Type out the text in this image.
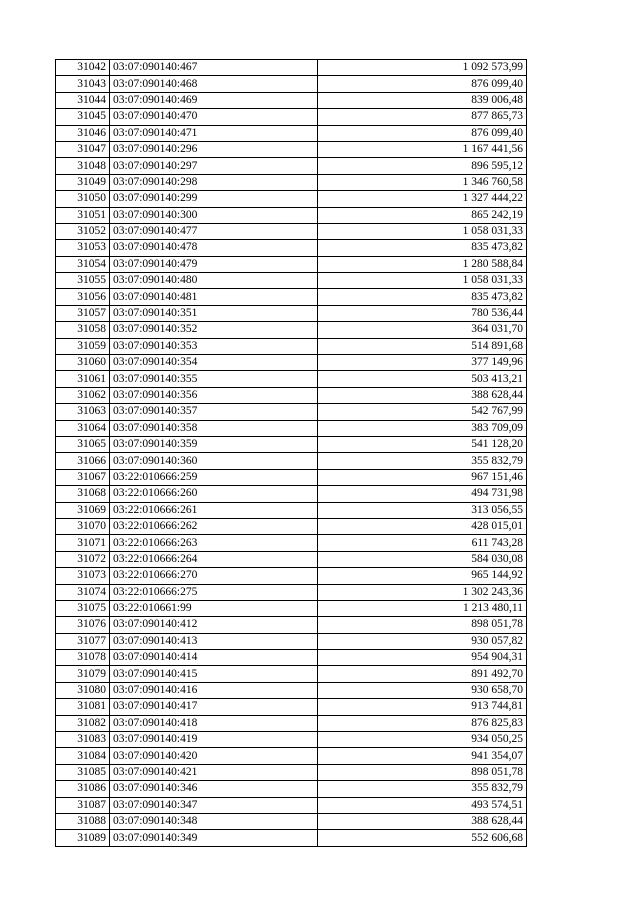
31042	03:07:090140:467	1 092 573,99
31043	03:07:090140:468	876 099,40
31044	03:07:090140:469	839 006,48
31045	03:07:090140:470	877 865,73
31046	03:07:090140:471	876 099,40
31047	03:07:090140:296	1 167 441,56
31048	03:07:090140:297	896 595,12
31049	03:07:090140:298	1 346 760,58
31050	03:07:090140:299	1 327 444,22
31051	03:07:090140:300	865 242,19
31052	03:07:090140:477	1 058 031,33
31053	03:07:090140:478	835 473,82
31054	03:07:090140:479	1 280 588,84
31055	03:07:090140:480	1 058 031,33
31056	03:07:090140:481	835 473,82
31057	03:07:090140:351	780 536,44
31058	03:07:090140:352	364 031,70
31059	03:07:090140:353	514 891,68
31060	03:07:090140:354	377 149,96
31061	03:07:090140:355	503 413,21
31062	03:07:090140:356	388 628,44
31063	03:07:090140:357	542 767,99
31064	03:07:090140:358	383 709,09
31065	03:07:090140:359	541 128,20
31066	03:07:090140:360	355 832,79
31067	03:22:010666:259	967 151,46
31068	03:22:010666:260	494 731,98
31069	03:22:010666:261	313 056,55
31070	03:22:010666:262	428 015,01
31071	03:22:010666:263	611 743,28
31072	03:22:010666:264	584 030,08
31073	03:22:010666:270	965 144,92
31074	03:22:010666:275	1 302 243,36
31075	03:22:010661:99	1 213 480,11
31076	03:07:090140:412	898 051,78
31077	03:07:090140:413	930 057,82
31078	03:07:090140:414	954 904,31
31079	03:07:090140:415	891 492,70
31080	03:07:090140:416	930 658,70
31081	03:07:090140:417	913 744,81
31082	03:07:090140:418	876 825,83
31083	03:07:090140:419	934 050,25
31084	03:07:090140:420	941 354,07
31085	03:07:090140:421	898 051,78
31086	03:07:090140:346	355 832,79
31087	03:07:090140:347	493 574,51
31088	03:07:090140:348	388 628,44
31089	03:07:090140:349	552 606,68
